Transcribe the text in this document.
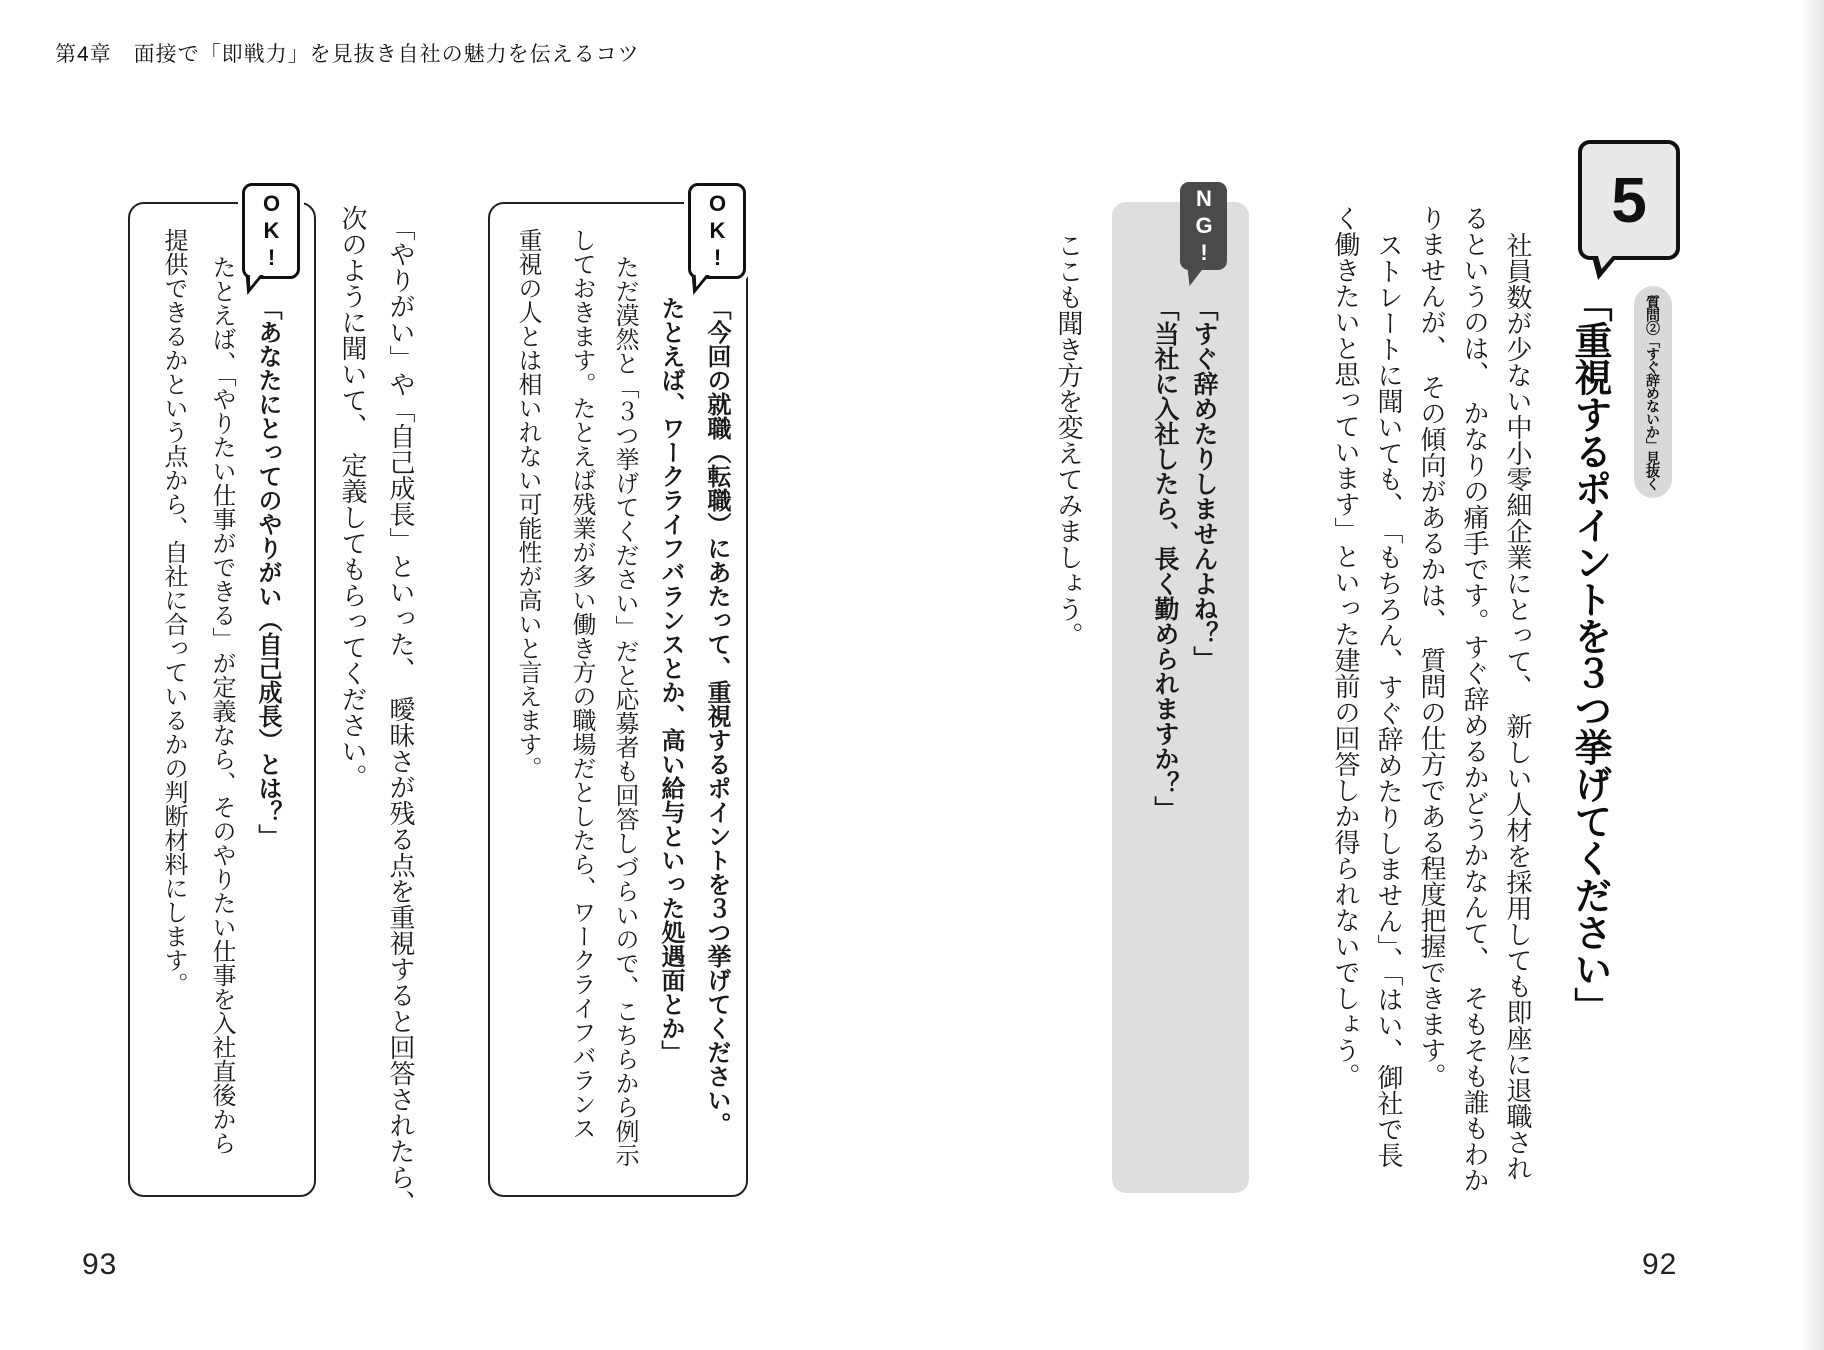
第4章　面接で「即戦力」を見抜き自社の魅力を伝えるコツ
5
質問②「すぐ辞めないか」見抜く
「重視するポイントを３つ挙げてください」
社員数が少ない中小零細企業にとって、　新しい人材を採用しても即座に退職され
るというのは、　かなりの痛手です。すぐ辞めるかどうかなんて、　そもそも誰もわか
りませんが、　その傾向があるかは、　質問の仕方である程度把握できます。
ストレートに聞いても、　「もちろん、すぐ辞めたりしません」、「はい、御社で長
く働きたいと思っています」といった建前の回答しか得られないでしょう。
NG!
「すぐ辞めたりしませんよね？」
「当社に入社したら、長く勤められますか？」
ここも聞き方を変えてみましょう。
92
OK!
「今回の就職（転職）にあたって、重視するポイントを３つ挙げてください。
たとえば、ワークライフバランスとか、高い給与といった処遇面とか」
ただ漠然と「３つ挙げてください」だと応募者も回答しづらいので、こちらから例示
しておきます。たとえば残業が多い働き方の職場だとしたら、ワークライフバランス
重視の人とは相いれない可能性が高いと言えます。
「やりがい」や「自己成長」といった、　曖昧さが残る点を重視すると回答されたら、
次のように聞いて、　定義してもらってください。
OK!
「あなたにとってのやりがい（自己成長）とは？」
たとえば、「やりたい仕事ができる」が定義なら、そのやりたい仕事を入社直後から
提供できるかという点から、自社に合っているかの判断材料にします。
93
